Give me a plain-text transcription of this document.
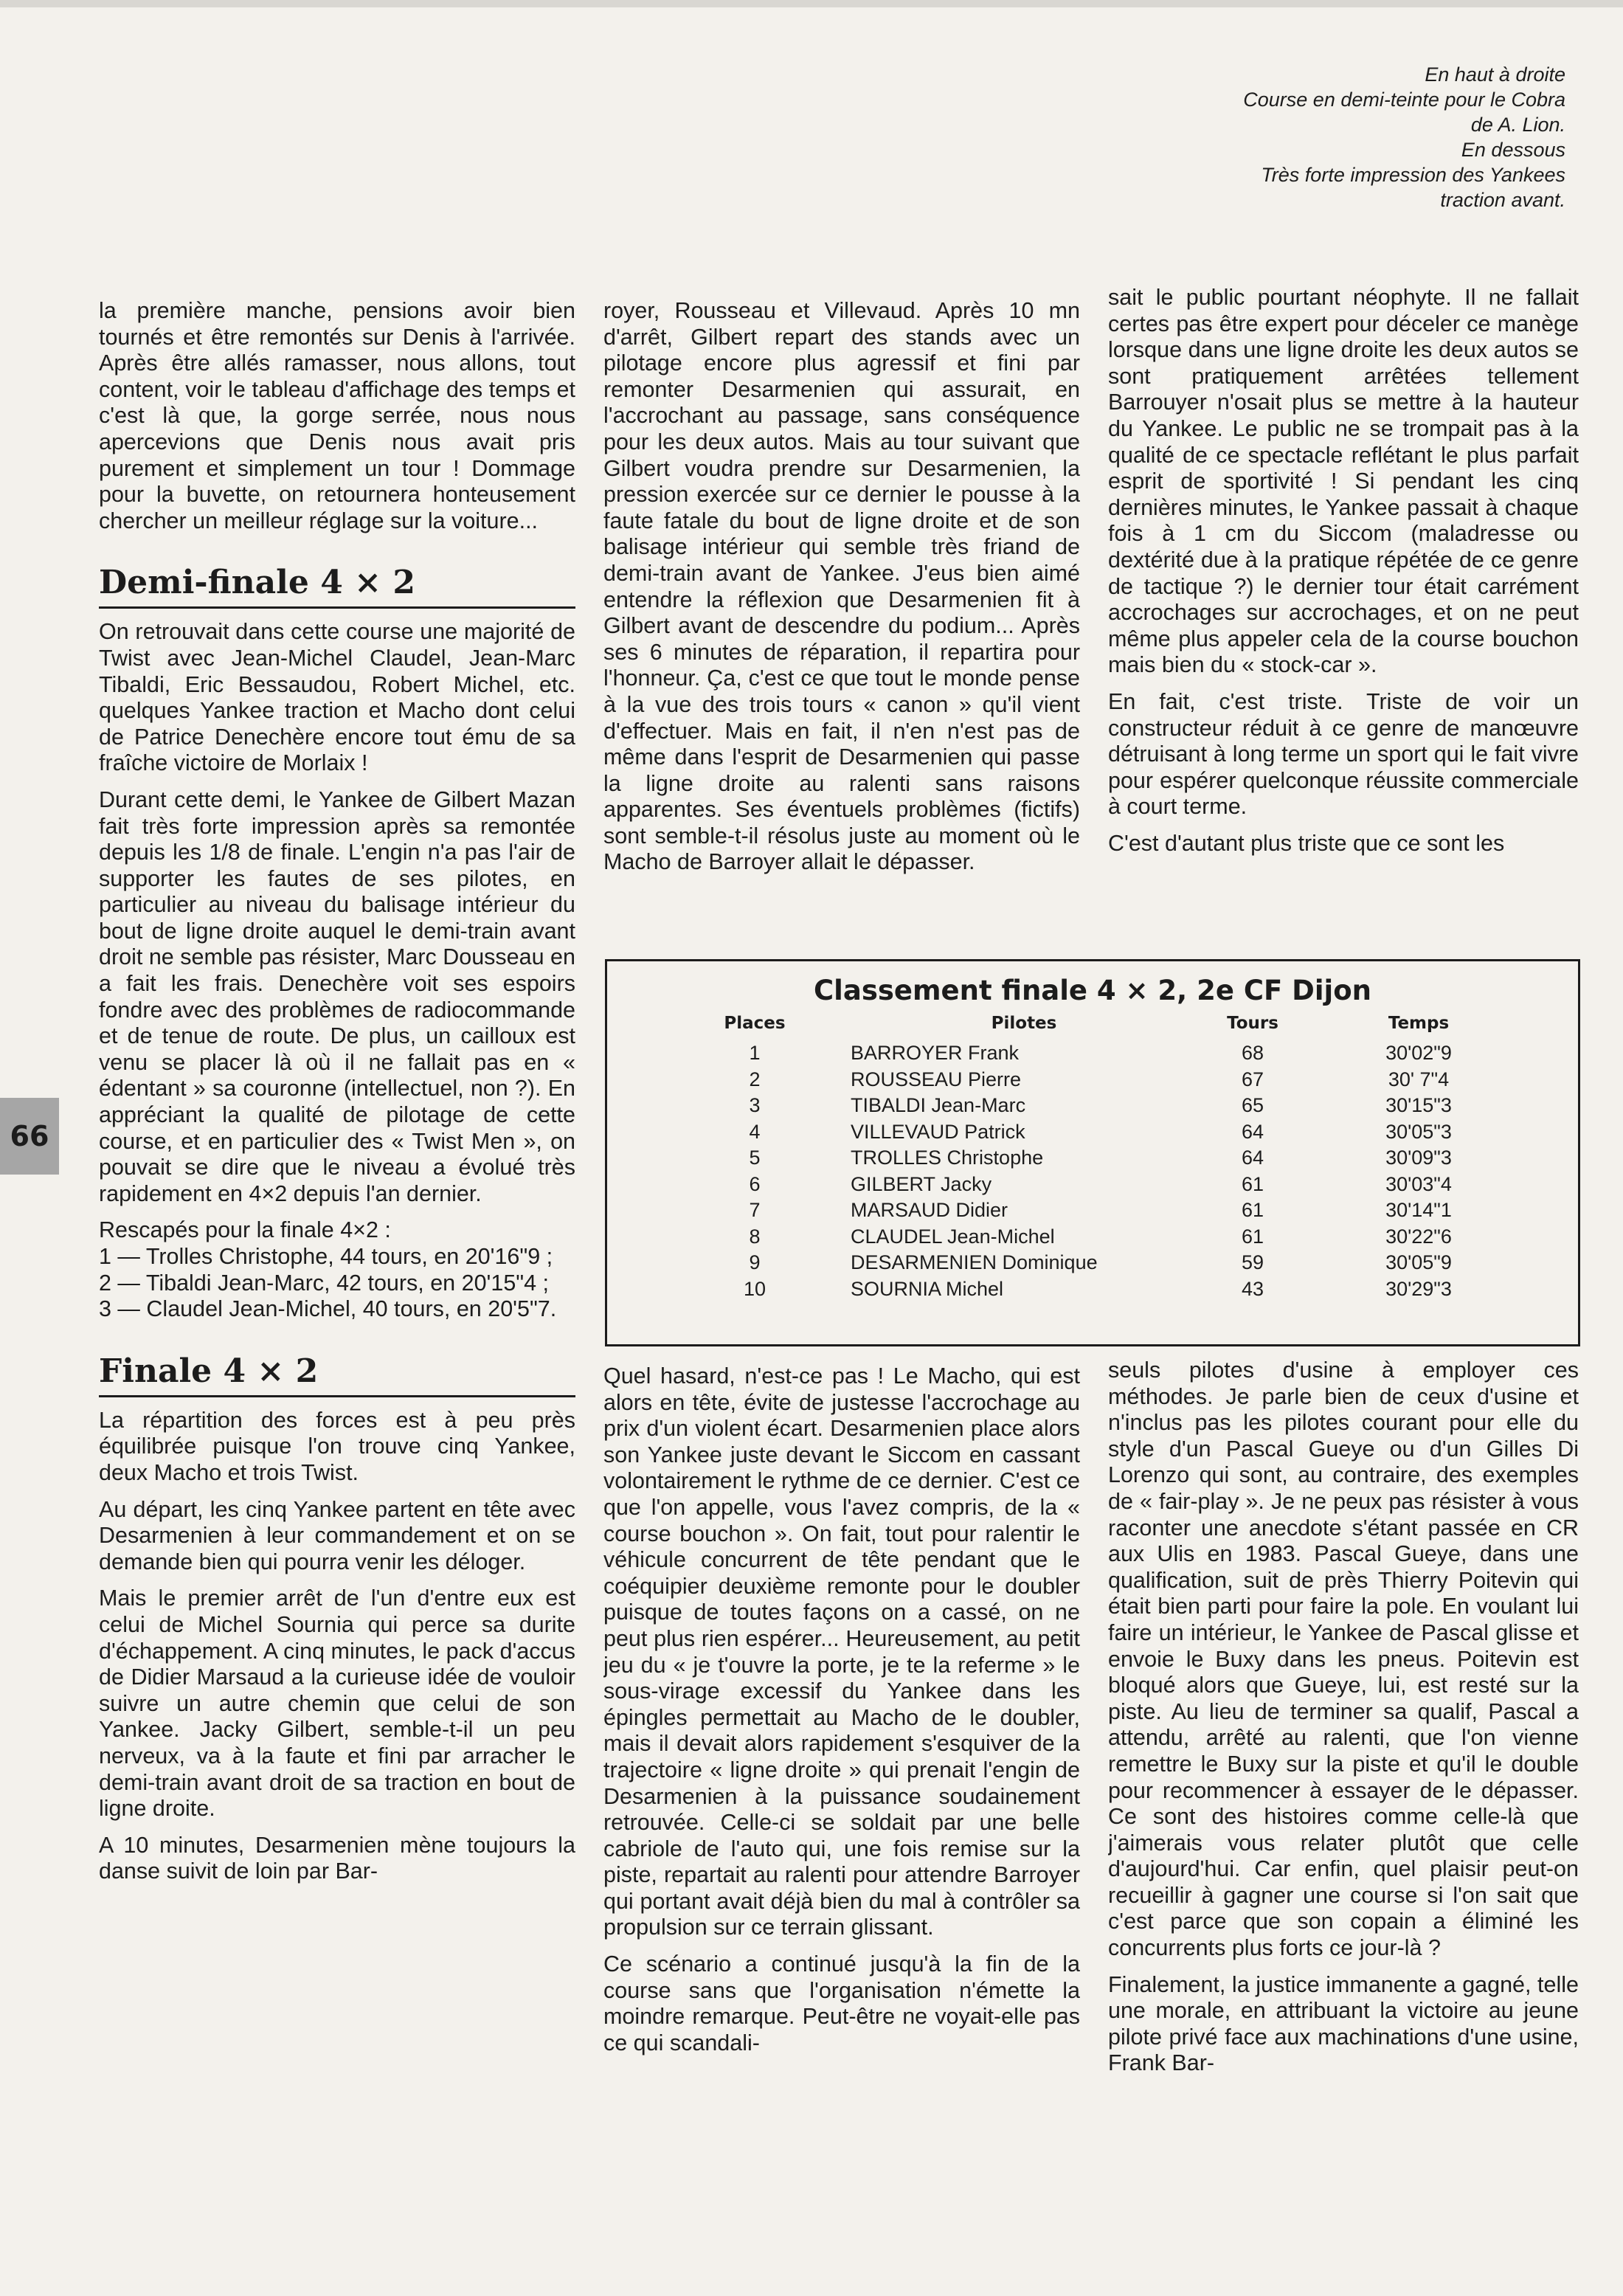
En haut à droite
Course en demi-teinte pour le Cobra
de A. Lion.
En dessous
Très forte impression des Yankees
traction avant.
66

la première manche, pensions avoir bien tournés et être remontés sur Denis à l'arrivée. Après être allés ramasser, nous allons, tout content, voir le tableau d'affichage des temps et c'est là que, la gorge serrée, nous nous apercevions que Denis nous avait pris purement et simplement un tour ! Dommage pour la buvette, on retournera honteusement chercher un meilleur réglage sur la voiture...

Demi-finale 4 × 2

On retrouvait dans cette course une majorité de Twist avec Jean-Michel Claudel, Jean-Marc Tibaldi, Eric Bessaudou, Robert Michel, etc. quelques Yankee traction et Macho dont celui de Patrice Denechère encore tout ému de sa fraîche victoire de Morlaix !

Durant cette demi, le Yankee de Gilbert Mazan fait très forte impression après sa remontée depuis les 1/8 de finale. L'engin n'a pas l'air de supporter les fautes de ses pilotes, en particulier au niveau du balisage intérieur du bout de ligne droite auquel le demi-train avant droit ne semble pas résister, Marc Dousseau en a fait les frais. Denechère voit ses espoirs fondre avec des problèmes de radiocommande et de tenue de route. De plus, un cailloux est venu se placer là où il ne fallait pas en « édentant » sa couronne (intellectuel, non ?). En appréciant la qualité de pilotage de cette course, et en particulier des « Twist Men », on pouvait se dire que le niveau a évolué très rapidement en 4×2 depuis l'an dernier.

Rescapés pour la finale 4×2 :

1 — Trolles Christophe, 44 tours, en 20'16"9 ;
2 — Tibaldi Jean-Marc, 42 tours, en 20'15"4 ;
3 — Claudel Jean-Michel, 40 tours, en 20'5"7.
Finale 4 × 2

La répartition des forces est à peu près équilibrée puisque l'on trouve cinq Yankee, deux Macho et trois Twist.

Au départ, les cinq Yankee partent en tête avec Desarmenien à leur commandement et on se demande bien qui pourra venir les déloger.

Mais le premier arrêt de l'un d'entre eux est celui de Michel Sournia qui perce sa durite d'échappement. A cinq minutes, le pack d'accus de Didier Marsaud a la curieuse idée de vouloir suivre un autre chemin que celui de son Yankee. Jacky Gilbert, semble-t-il un peu nerveux, va à la faute et fini par arracher le demi-train avant droit de sa traction en bout de ligne droite.

A 10 minutes, Desarmenien mène toujours la danse suivit de loin par Bar-

royer, Rousseau et Villevaud. Après 10 mn d'arrêt, Gilbert repart des stands avec un pilotage encore plus agressif et fini par remonter Desarmenien qui assurait, en l'accrochant au passage, sans conséquence pour les deux autos. Mais au tour suivant que Gilbert voudra prendre sur Desarmenien, la pression exercée sur ce dernier le pousse à la faute fatale du bout de ligne droite et de son balisage intérieur qui semble très friand de demi-train avant de Yankee. J'eus bien aimé entendre la réflexion que Desarmenien fit à Gilbert avant de descendre du podium... Après ses 6 minutes de réparation, il repartira pour l'honneur. Ça, c'est ce que tout le monde pense à la vue des trois tours « canon » qu'il vient d'effectuer. Mais en fait, il n'en n'est pas de même dans l'esprit de Desarmenien qui passe la ligne droite au ralenti sans raisons apparentes. Ses éventuels problèmes (fictifs) sont semble-t-il résolus juste au moment où le Macho de Barroyer allait le dépasser.

sait le public pourtant néophyte. Il ne fallait certes pas être expert pour déceler ce manège lorsque dans une ligne droite les deux autos se sont pratiquement arrêtées tellement Barrouyer n'osait plus se mettre à la hauteur du Yankee. Le public ne se trompait pas à la qualité de ce spectacle reflétant le plus parfait esprit de sportivité ! Si pendant les cinq dernières minutes, le Yankee passait à chaque fois à 1 cm du Siccom (maladresse ou dextérité due à la pratique répétée de ce genre de tactique ?) le dernier tour était carrément accrochages sur accrochages, et on ne peut même plus appeler cela de la course bouchon mais bien du « stock-car ».

En fait, c'est triste. Triste de voir un constructeur réduit à ce genre de manœuvre détruisant à long terme un sport qui le fait vivre pour espérer quelconque réussite commerciale à court terme.

C'est d'autant plus triste que ce sont les

Classement finale 4 × 2, 2e CF Dijon
Places	Pilotes	Tours	Temps
1	BARROYER Frank	68	30'02"9
2	ROUSSEAU Pierre	67	30' 7"4
3	TIBALDI Jean-Marc	65	30'15"3
4	VILLEVAUD Patrick	64	30'05"3
5	TROLLES Christophe	64	30'09"3
6	GILBERT Jacky	61	30'03"4
7	MARSAUD Didier	61	30'14"1
8	CLAUDEL Jean-Michel	61	30'22"6
9	DESARMENIEN Dominique	59	30'05"9
10	SOURNIA Michel	43	30'29"3

Quel hasard, n'est-ce pas ! Le Macho, qui est alors en tête, évite de justesse l'accrochage au prix d'un violent écart. Desarmenien place alors son Yankee juste devant le Siccom en cassant volontairement le rythme de ce dernier. C'est ce que l'on appelle, vous l'avez compris, de la « course bouchon ». On fait, tout pour ralentir le véhicule concurrent de tête pendant que le coéquipier deuxième remonte pour le doubler puisque de toutes façons on a cassé, on ne peut plus rien espérer... Heureusement, au petit jeu du « je t'ouvre la porte, je te la referme » le sous-virage excessif du Yankee dans les épingles permettait au Macho de le doubler, mais il devait alors rapidement s'esquiver de la trajectoire « ligne droite » qui prenait l'engin de Desarmenien à la puissance soudainement retrouvée. Celle-ci se soldait par une belle cabriole de l'auto qui, une fois remise sur la piste, repartait au ralenti pour attendre Barroyer qui portant avait déjà bien du mal à contrôler sa propulsion sur ce terrain glissant.

Ce scénario a continué jusqu'à la fin de la course sans que l'organisation n'émette la moindre remarque. Peut-être ne voyait-elle pas ce qui scandali-

seuls pilotes d'usine à employer ces méthodes. Je parle bien de ceux d'usine et n'inclus pas les pilotes courant pour elle du style d'un Pascal Gueye ou d'un Gilles Di Lorenzo qui sont, au contraire, des exemples de « fair-play ». Je ne peux pas résister à vous raconter une anecdote s'étant passée en CR aux Ulis en 1983. Pascal Gueye, dans une qualification, suit de près Thierry Poitevin qui était bien parti pour faire la pole. En voulant lui faire un intérieur, le Yankee de Pascal glisse et envoie le Buxy dans les pneus. Poitevin est bloqué alors que Gueye, lui, est resté sur la piste. Au lieu de terminer sa qualif, Pascal a attendu, arrêté au ralenti, que l'on vienne remettre le Buxy sur la piste et qu'il le double pour recommencer à essayer de le dépasser. Ce sont des histoires comme celle-là que j'aimerais vous relater plutôt que celle d'aujourd'hui. Car enfin, quel plaisir peut-on recueillir à gagner une course si l'on sait que c'est parce que son copain a éliminé les concurrents plus forts ce jour-là ?

Finalement, la justice immanente a gagné, telle une morale, en attribuant la victoire au jeune pilote privé face aux machinations d'une usine, Frank Bar-
